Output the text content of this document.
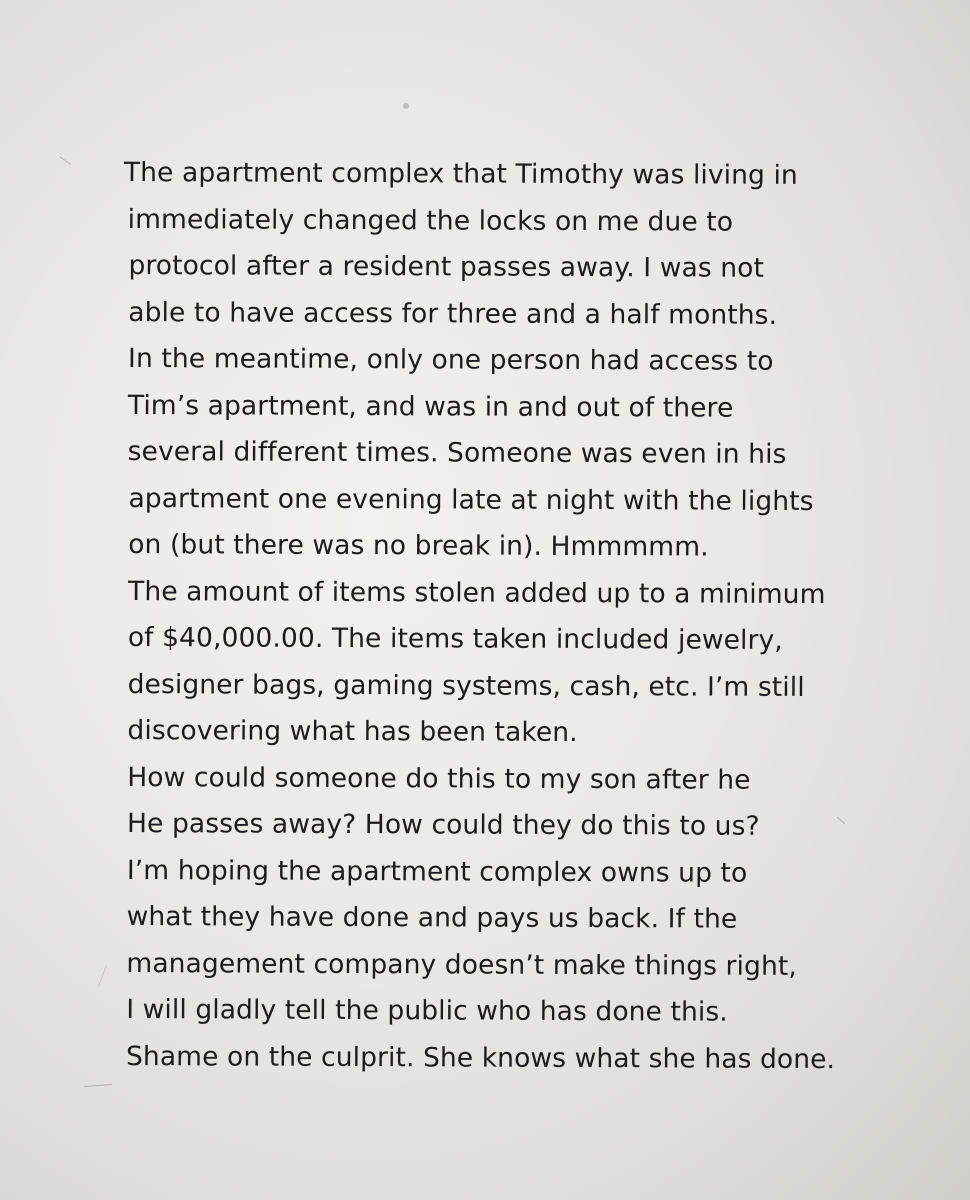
The apartment complex that Timothy was living in
immediately changed the locks on me due to
protocol after a resident passes away. I was not
able to have access for three and a half months.
In the meantime, only one person had access to
Tim’s apartment, and was in and out of there
several different times. Someone was even in his
apartment one evening late at night with the lights
on (but there was no break in). Hmmmmm.
The amount of items stolen added up to a minimum
of $40,000.00. The items taken included jewelry,
designer bags, gaming systems, cash, etc. I’m still
discovering what has been taken.
How could someone do this to my son after he
He passes away? How could they do this to us?
I’m hoping the apartment complex owns up to
what they have done and pays us back. If the
management company doesn’t make things right,
I will gladly tell the public who has done this.
Shame on the culprit. She knows what she has done.
